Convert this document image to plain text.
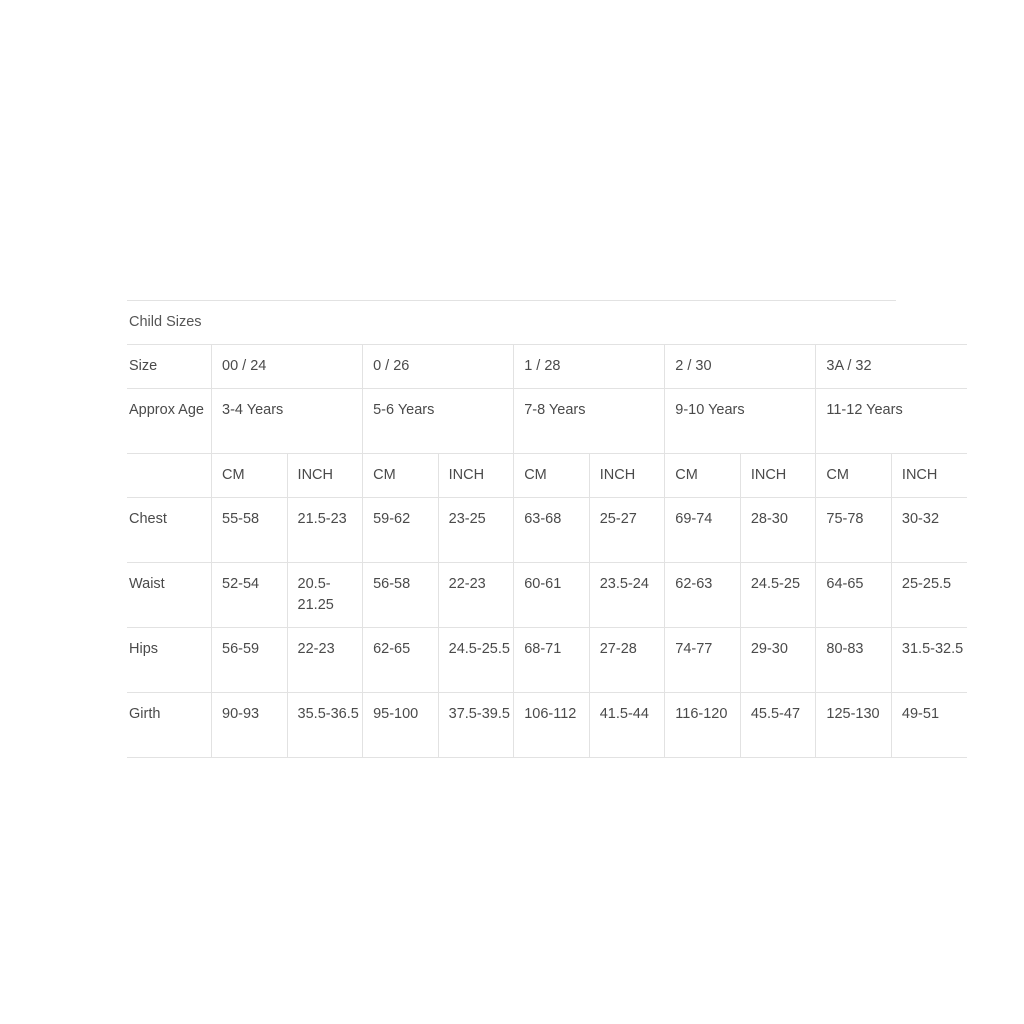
Child Sizes
Size	00 / 24		0 / 26		1 / 28		2 / 30		3A / 32	
Approx Age	3-4 Years		5-6 Years		7-8 Years		9-10 Years		11-12 Years	
	CM	INCH	CM	INCH	CM	INCH	CM	INCH	CM	INCH
Chest	55-58	21.5-23	59-62	23-25	63-68	25-27	69-74	28-30	75-78	30-32
Waist	52-54	20.5-21.25	56-58	22-23	60-61	23.5-24	62-63	24.5-25	64-65	25-25.5
Hips	56-59	22-23	62-65	24.5-25.5	68-71	27-28	74-77	29-30	80-83	31.5-32.5
Girth	90-93	35.5-36.5	95-100	37.5-39.5	106-112	41.5-44	116-120	45.5-47	125-130	49-51
